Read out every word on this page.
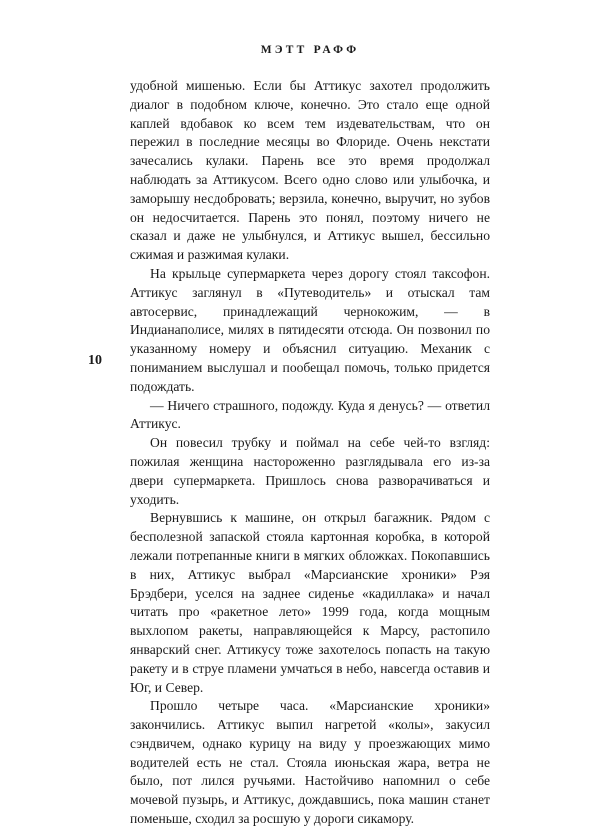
МЭТТ РАФФ
10

удобной мишенью. Если бы Аттикус захотел продолжить диалог в подобном ключе, конечно. Это стало еще одной каплей вдобавок ко всем тем издевательствам, что он пережил в последние месяцы во Флориде. Очень некстати зачесались кулаки. Парень все это время продолжал наблюдать за Аттикусом. Всего одно слово или улыбочка, и заморышу несдобровать; верзила, конечно, выручит, но зубов он недосчитается. Парень это понял, поэтому ничего не сказал и даже не улыбнулся, и Аттикус вышел, бессильно сжимая и разжимая кулаки.

На крыльце супермаркета через дорогу стоял таксофон. Аттикус заглянул в «Путеводитель» и отыскал там автосервис, принадлежащий чернокожим, — в Индианаполисе, милях в пятидесяти отсюда. Он позвонил по указанному номеру и объяснил ситуацию. Механик с пониманием выслушал и пообещал помочь, только придется подождать.

— Ничего страшного, подожду. Куда я денусь? — ответил Аттикус.

Он повесил трубку и поймал на себе чей-то взгляд: пожилая женщина настороженно разглядывала его из-за двери супермаркета. Пришлось снова разворачиваться и уходить.

Вернувшись к машине, он открыл багажник. Рядом с бесполезной запаской стояла картонная коробка, в которой лежали потрепанные книги в мягких обложках. Покопавшись в них, Аттикус выбрал «Марсианские хроники» Рэя Брэдбери, уселся на заднее сиденье «кадиллака» и начал читать про «ракетное лето» 1999 года, когда мощным выхлопом ракеты, направляющейся к Марсу, растопило январский снег. Аттикусу тоже захотелось попасть на такую ракету и в струе пламени умчаться в небо, навсегда оставив и Юг, и Север.

Прошло четыре часа. «Марсианские хроники» закончились. Аттикус выпил нагретой «колы», закусил сэндвичем, однако курицу на виду у проезжающих мимо водителей есть не стал. Стояла июньская жара, ветра не было, пот лился ручьями. Настойчиво напомнил о себе мочевой пузырь, и Аттикус, дождавшись, пока машин станет поменьше, сходил за росшую у дороги сикамору.
